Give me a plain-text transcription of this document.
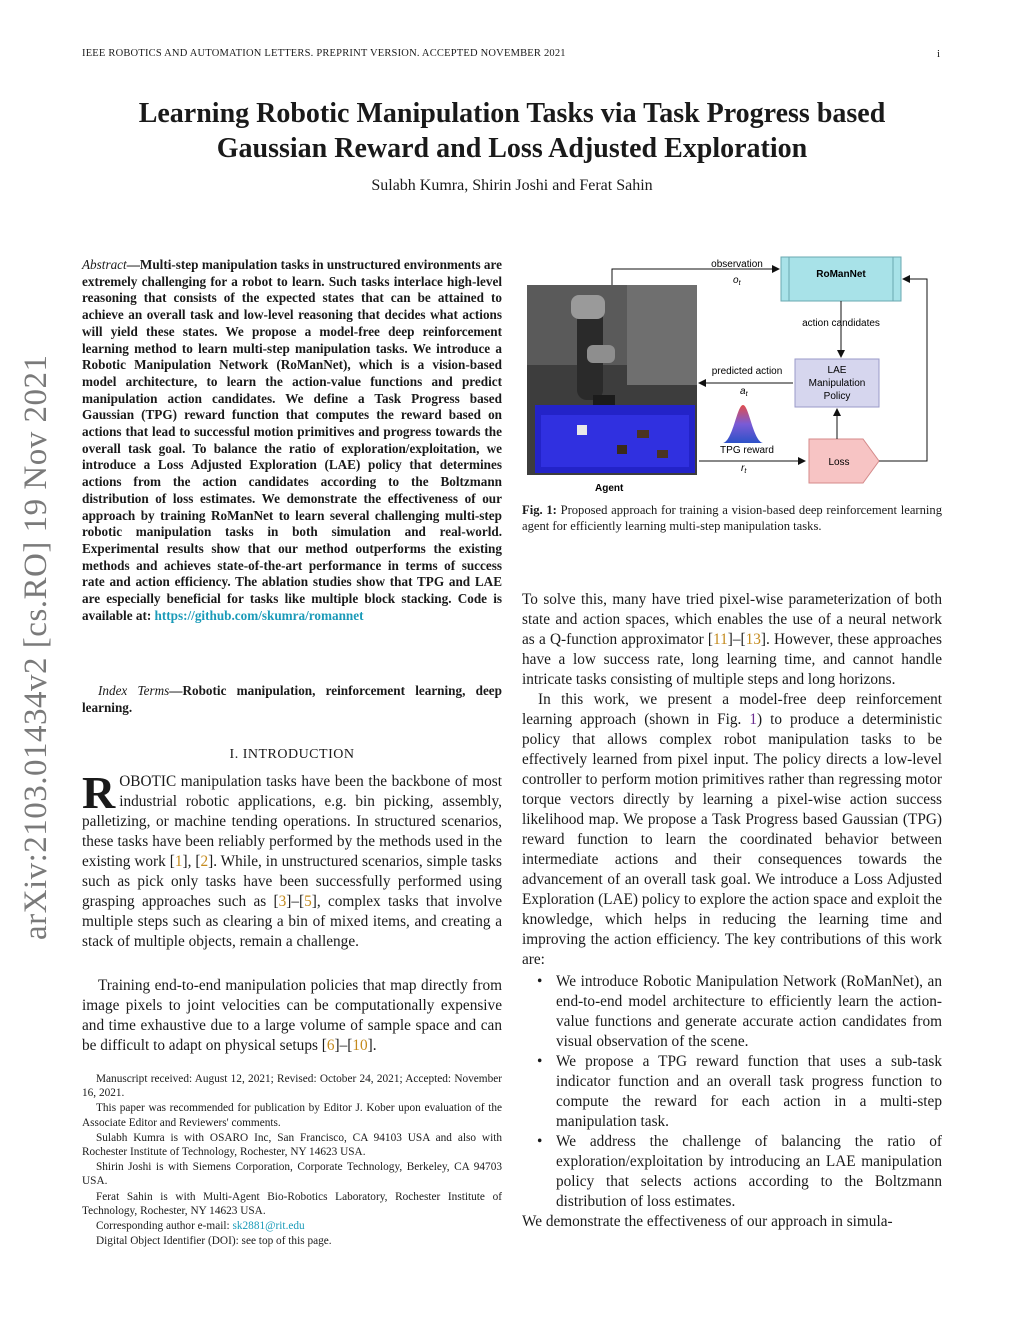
IEEE ROBOTICS AND AUTOMATION LETTERS. PREPRINT VERSION. ACCEPTED NOVEMBER 2021	i
Learning Robotic Manipulation Tasks via Task Progress based
Gaussian Reward and Loss Adjusted Exploration
Sulabh Kumra, Shirin Joshi and Ferat Sahin
arXiv:2103.01434v2 [cs.RO] 19 Nov 2021

Abstract—Multi-step manipulation tasks in unstructured environments are extremely challenging for a robot to learn. Such tasks interlace high-level reasoning that consists of the expected states that can be attained to achieve an overall task and low-level reasoning that decides what actions will yield these states. We propose a model-free deep reinforcement learning method to learn multi-step manipulation tasks. We introduce a Robotic Manipulation Network (RoManNet), which is a vision-based model architecture, to learn the action-value functions and predict manipulation action candidates. We define a Task Progress based Gaussian (TPG) reward function that computes the reward based on actions that lead to successful motion primitives and progress towards the overall task goal. To balance the ratio of exploration/exploitation, we introduce a Loss Adjusted Exploration (LAE) policy that determines actions from the action candidates according to the Boltzmann distribution of loss estimates. We demonstrate the effectiveness of our approach by training RoManNet to learn several challenging multi-step robotic manipulation tasks in both simulation and real-world. Experimental results show that our method outperforms the existing methods and achieves state-of-the-art performance in terms of success rate and action efficiency. The ablation studies show that TPG and LAE are especially beneficial for tasks like multiple block stacking. Code is available at: https://github.com/skumra/romannet

Index Terms—Robotic manipulation, reinforcement learning, deep learning.

I. INTRODUCTION

ROBOTIC manipulation tasks have been the backbone of most industrial robotic applications, e.g. bin picking, assembly, palletizing, or machine tending operations. In structured scenarios, these tasks have been reliably performed by the methods used in the existing work [1], [2]. While, in unstructured scenarios, simple tasks such as pick only tasks have been successfully performed using grasping approaches such as [3]–[5], complex tasks that involve multiple steps such as clearing a bin of mixed items, and creating a stack of multiple objects, remain a challenge.

Training end-to-end manipulation policies that map directly from image pixels to joint velocities can be computationally expensive and time exhaustive due to a large volume of sample space and can be difficult to adapt on physical setups [6]–[10].

Manuscript received: August 12, 2021; Revised: October 24, 2021; Accepted: November 16, 2021.

This paper was recommended for publication by Editor J. Kober upon evaluation of the Associate Editor and Reviewers' comments.

Sulabh Kumra is with OSARO Inc, San Francisco, CA 94103 USA and also with Rochester Institute of Technology, Rochester, NY 14623 USA.

Shirin Joshi is with Siemens Corporation, Corporate Technology, Berkeley, CA 94703 USA.

Ferat Sahin is with Multi-Agent Bio-Robotics Laboratory, Rochester Institute of Technology, Rochester, NY 14623 USA.

Corresponding author e-mail: sk2881@rit.edu

Digital Object Identifier (DOI): see top of this page.

Agent
RoManNet
observation
$o_t$
action candidates
LAE
Manipulation
Policy
predicted action
$a_t$
TPG reward
$r_t$
Loss

Fig. 1: Proposed approach for training a vision-based deep reinforcement learning agent for efficiently learning multi-step manipulation tasks.

To solve this, many have tried pixel-wise parameterization of both state and action spaces, which enables the use of a neural network as a Q-function approximator [11]–[13]. However, these approaches have a low success rate, long learning time, and cannot handle intricate tasks consisting of multiple steps and long horizons.

In this work, we present a model-free deep reinforcement learning approach (shown in Fig. 1) to produce a deterministic policy that allows complex robot manipulation tasks to be effectively learned from pixel input. The policy directs a low-level controller to perform motion primitives rather than regressing motor torque vectors directly by learning a pixel-wise action success likelihood map. We propose a Task Progress based Gaussian (TPG) reward function to learn the coordinated behavior between intermediate actions and their consequences towards the advancement of an overall task goal. We introduce a Loss Adjusted Exploration (LAE) policy to explore the action space and exploit the knowledge, which helps in reducing the learning time and improving the action efficiency. The key contributions of this work are:

• We introduce Robotic Manipulation Network (RoManNet), an end-to-end model architecture to efficiently learn the action-value functions and generate accurate action candidates from visual observation of the scene.
• We propose a TPG reward function that uses a sub-task indicator function and an overall task progress function to compute the reward for each action in a multi-step manipulation task.
• We address the challenge of balancing the ratio of exploration/exploitation by introducing an LAE manipulation policy that selects actions according to the Boltzmann distribution of loss estimates.

We demonstrate the effectiveness of our approach in simula-
